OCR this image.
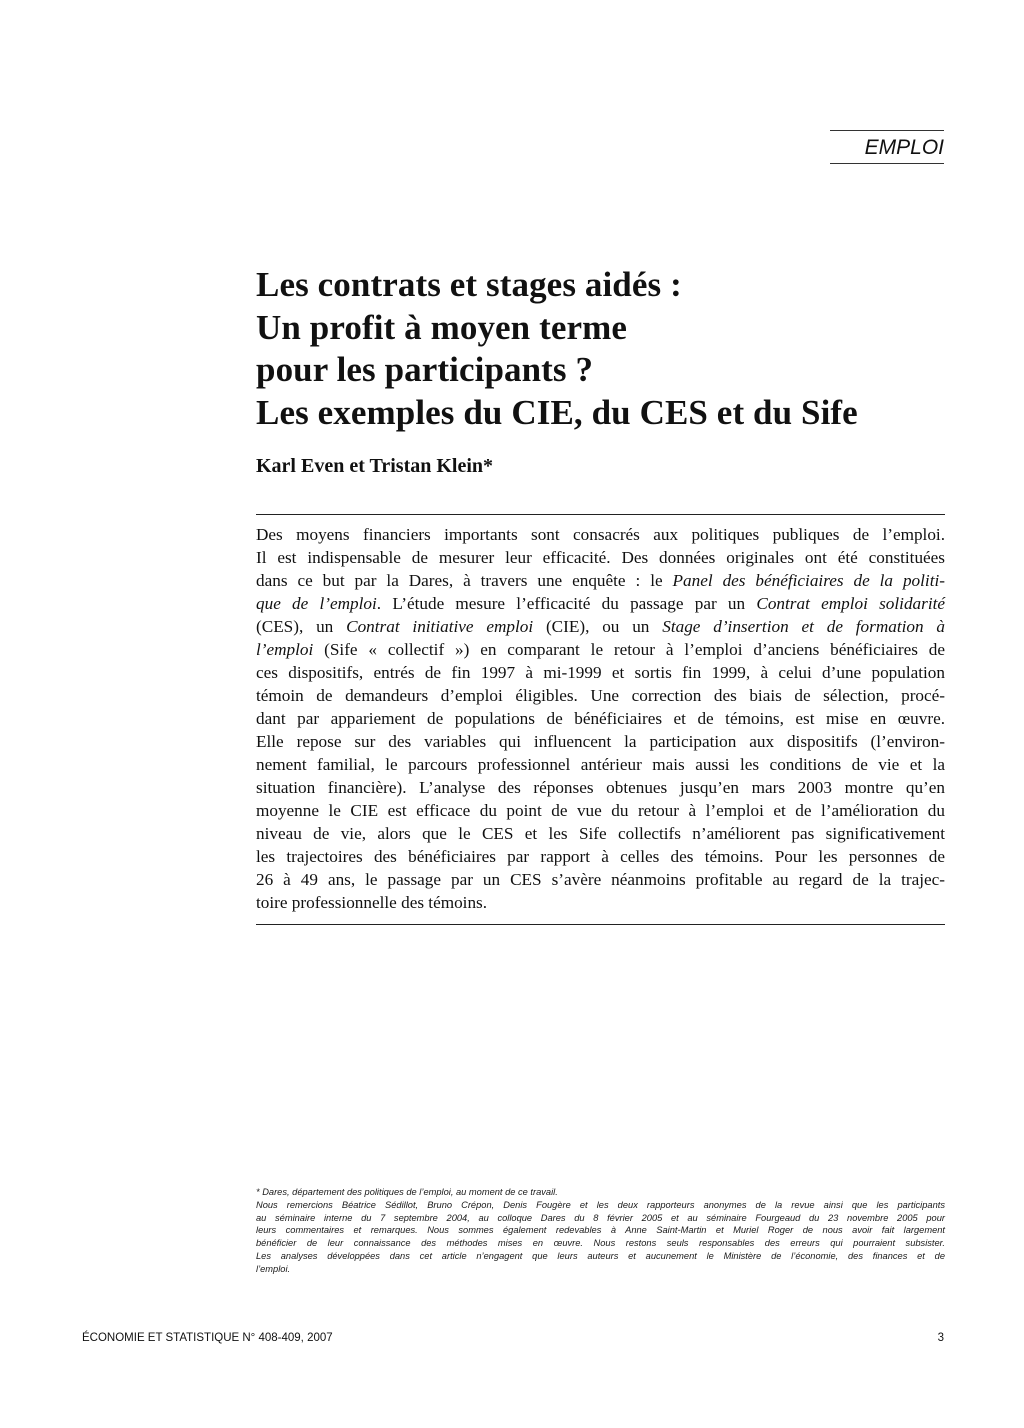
EMPLOI
Les contrats et stages aidés :
Un profit à moyen terme
pour les participants ?
Les exemples du CIE, du CES et du Sife
Karl Even et Tristan Klein*
Des moyens financiers importants sont consacrés aux politiques publiques de l’emploi.
Il est indispensable de mesurer leur efficacité. Des données originales ont été constituées
dans ce but par la Dares, à travers une enquête : le Panel des bénéficiaires de la politi-
que de l’emploi. L’étude mesure l’efficacité du passage par un Contrat emploi solidarité
(CES), un Contrat initiative emploi (CIE), ou un Stage d’insertion et de formation à
l’emploi (Sife « collectif ») en comparant le retour à l’emploi d’anciens bénéficiaires de
ces dispositifs, entrés de fin 1997 à mi-1999 et sortis fin 1999, à celui d’une population
témoin de demandeurs d’emploi éligibles. Une correction des biais de sélection, procé-
dant par appariement de populations de bénéficiaires et de témoins, est mise en œuvre.
Elle repose sur des variables qui influencent la participation aux dispositifs (l’environ-
nement familial, le parcours professionnel antérieur mais aussi les conditions de vie et la
situation financière). L’analyse des réponses obtenues jusqu’en mars 2003 montre qu’en
moyenne le CIE est efficace du point de vue du retour à l’emploi et de l’amélioration du
niveau de vie, alors que le CES et les Sife collectifs n’améliorent pas significativement
les trajectoires des bénéficiaires par rapport à celles des témoins. Pour les personnes de
26 à 49 ans, le passage par un CES s’avère néanmoins profitable au regard de la trajec-
toire professionnelle des témoins.
* Dares, département des politiques de l’emploi, au moment de ce travail.
Nous remercions Béatrice Sédillot, Bruno Crépon, Denis Fougère et les deux rapporteurs anonymes de la revue ainsi que les participants
au séminaire interne du 7 septembre 2004, au colloque Dares du 8 février 2005 et au séminaire Fourgeaud du 23 novembre 2005 pour
leurs commentaires et remarques. Nous sommes également redevables à Anne Saint-Martin et Muriel Roger de nous avoir fait largement
bénéficier de leur connaissance des méthodes mises en œuvre. Nous restons seuls responsables des erreurs qui pourraient subsister.
Les analyses développées dans cet article n’engagent que leurs auteurs et aucunement le Ministère de l’économie, des finances et de
l’emploi.
ÉCONOMIE ET STATISTIQUE N° 408-409, 2007	3
